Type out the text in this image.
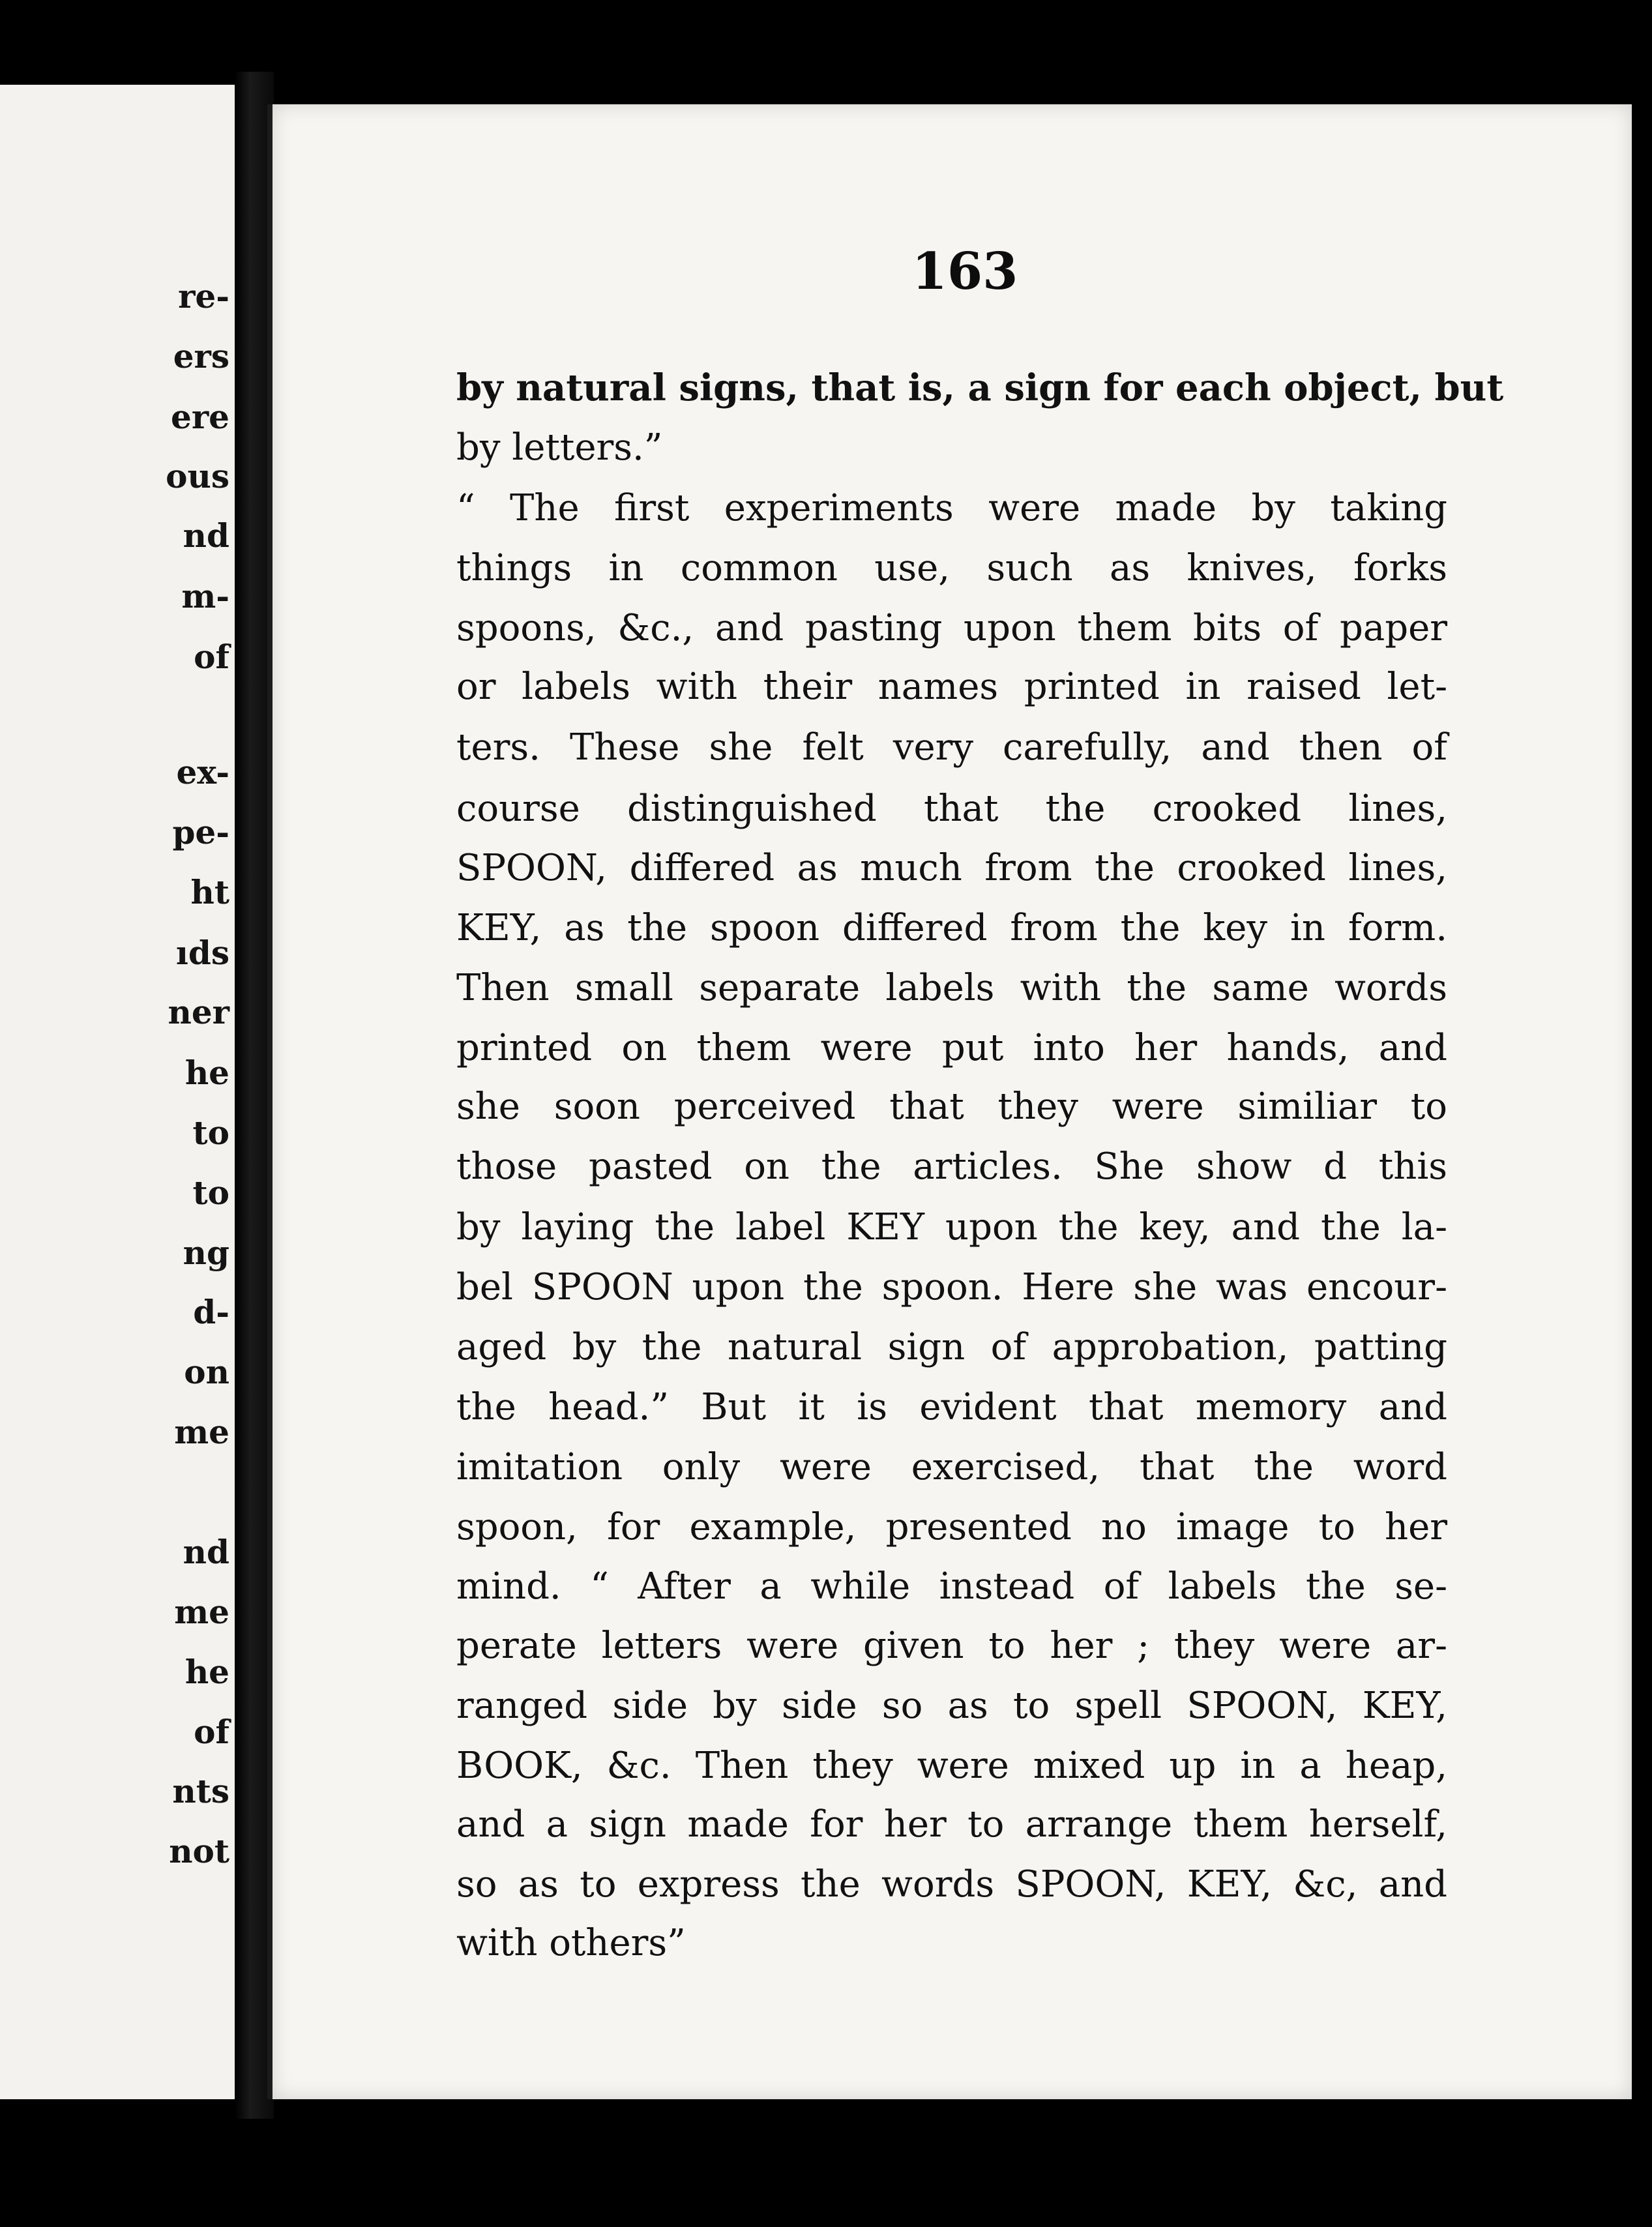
re-
ers
ere
ous
nd
m-
of
ex-
pe-
ht
ıds
ner
he
to
to
ng
d-
on
me
nd
me
he
of
nts
not
163
by natural signs, that is, a sign for each object, but
by letters.”
“ The first experiments were made by taking
things in common use, such as knives, forks
spoons, &c., and pasting upon them bits of paper
or labels with their names printed in raised let-
ters. These she felt very carefully, and then of
course distinguished that the crooked lines,
SPOON, differed as much from the crooked lines,
KEY, as the spoon differed from the key in form.
Then small separate labels with the same words
printed on them were put into her hands, and
she soon perceived that they were similiar to
those pasted on the articles. She show d this
by laying the label KEY upon the key, and the la-
bel SPOON upon the spoon. Here she was encour-
aged by the natural sign of approbation, patting
the head.” But it is evident that memory and
imitation only were exercised, that the word
spoon, for example, presented no image to her
mind. “ After a while instead of labels the se-
perate letters were given to her ; they were ar-
ranged side by side so as to spell SPOON, KEY,
BOOK, &c. Then they were mixed up in a heap,
and a sign made for her to arrange them herself,
so as to express the words SPOON, KEY, &c, and
with others”
